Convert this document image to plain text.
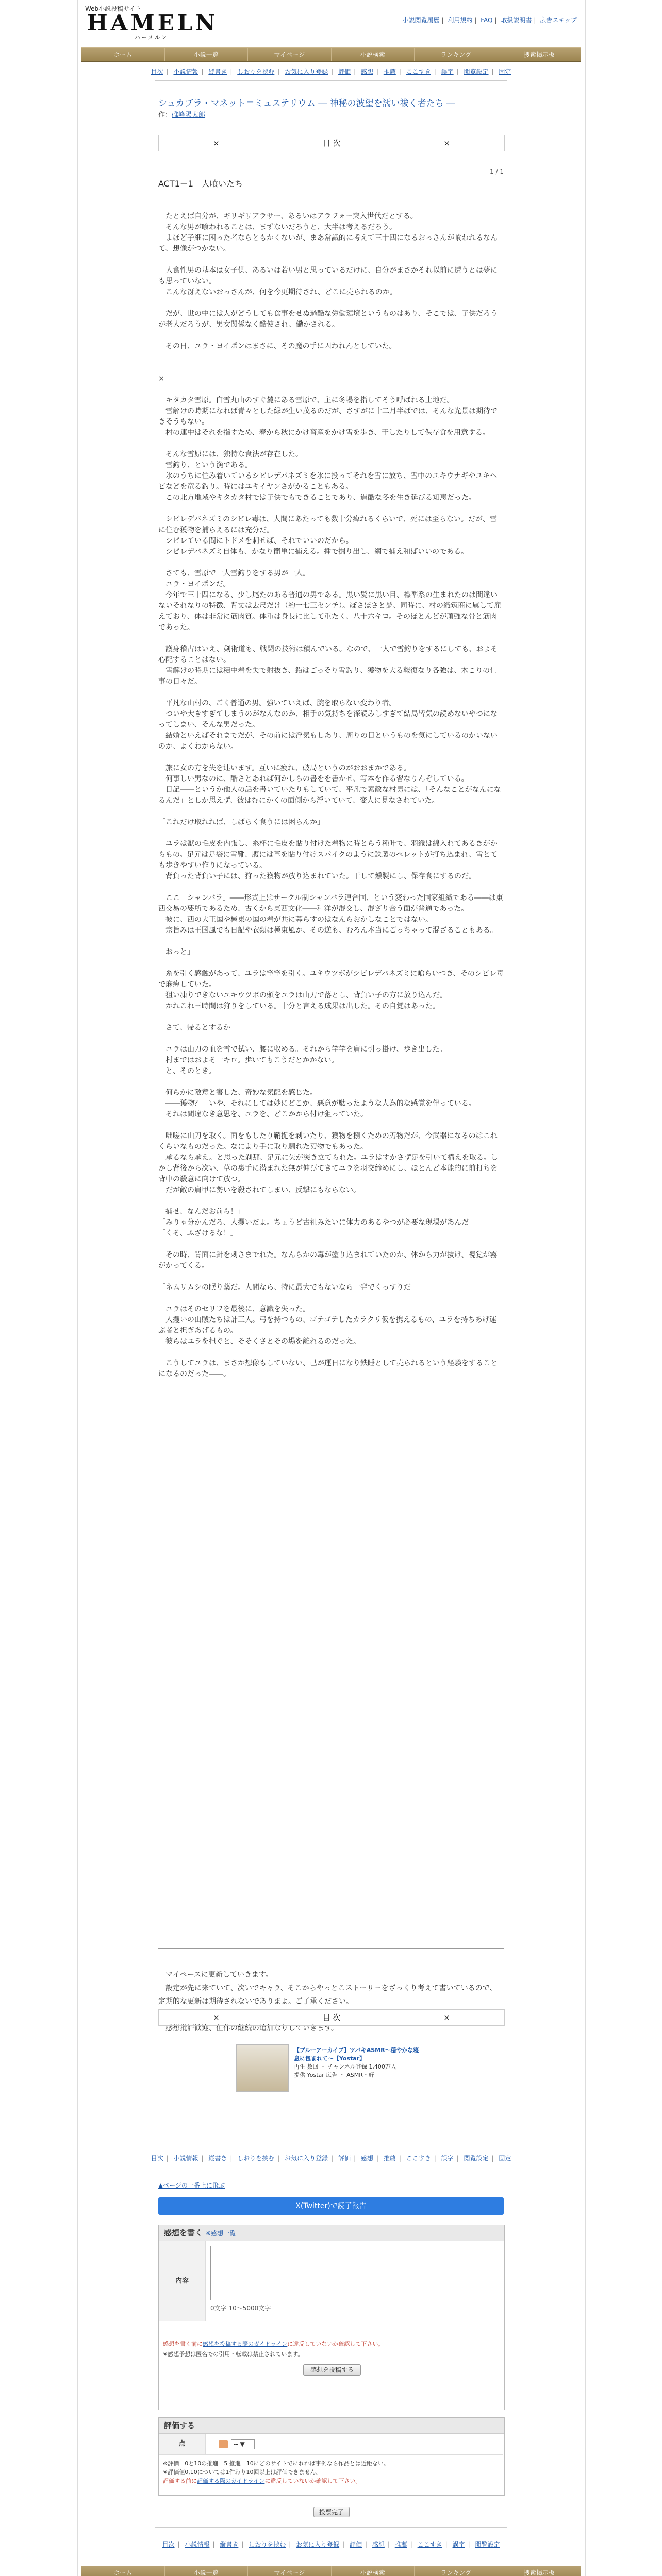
Web小説投稿サイト
HAMELN
ハーメルン
小説閲覧履歴 | 利用規約 | FAQ | 取扱説明書 | 広告スキップ
ホーム	小説一覧	マイページ	小説検索	ランキング	捜索掲示板
目次 | 小説情報 | 縦書き | しおりを挟む | お気に入り登録 | 評価 | 感想 | 推薦 | ここすき | 誤字 | 閲覧設定 | 固定
シュカブラ・マネット＝ミュステリウム ― 神秘の波望を濡い祓く者たち ―
作：碓峰陽太郎
×	目 次	×
1 / 1
ACT1－1　人喰いたち

　たとえば自分が、ギリギリアラサー、あるいはアラフォー突入世代だとする。

　そんな男が喰われることは、まずないだろうと、大半は考えるだろう。

　よほど子細に困った者ならともかくないが、まあ常識的に考えて三十四になるおっさんが喰われるなんて、想像がつかない。

　人食性男の基本は女子供、あるいは若い男と思っているだけに、自分がまさかそれ以前に遭うとは夢にも思っていない。

　こんな冴えないおっさんが、何を今更期待され、どこに売られるのか。

　だが、世の中には人がどうしても食事をせぬ過酷な労働環境というものはあり、そこでは、子供だろうが老人だろうが、男女関係なく酷使され、働かされる。

　その日、ユラ・ヨイポンはまさに、その魔の手に囚われんとしていた。

×

　キタカタ雪原。白雪丸山のすぐ麓にある雪原で、主に冬場を指してそう呼ばれる土地だ。

　雪解けの時期になれば青々とした緑が生い茂るのだが、さすがに十二月半ばでは、そんな光景は期待できそうもない。

　村の連中はそれを指すため、春から秋にかけ畜産をかけ雪を歩き、干したりして保存食を用意する。

　そんな雪原には、独特な食法が存在した。

　雪釣り、という漁である。

　氷のうちに住み着いているシビレデバネズミを氷に投ってそれを雪に放ち、雪中のユキウナギやユキヘビなどを竜る釣り。時にはユキイヤンさがかることもある。

　この北方地域やキタカタ村では子供でもできることであり、過酷な冬を生き延びる知恵だった。

　シビレデバネズミのシビレ毒は、人間にあたっても数十分痺れるくらいで、死には至らない。だが、雪に住む獲物を捕らえるには充分だ。

　シビレている間にトドメを刺せば、それでいいのだから。

　シビレデバネズミ自体も、かなり簡単に捕える。挿で掘り出し、網で捕え和ばいいのである。

　さても、雪原で一人雪釣りをする男が一人。

　ユラ・ヨイポンだ。

　今年で三十四になる、少し尾たのある普通の男である。黒い髪に黒い目、標準系の生まれたのは間違いないそれなりの特徴、背丈は去尺だけ（約一七三センチ）。ぼさぼさと髭、同時に、村の織筑商に属して雇えており、体は非常に筋肉質。体重は身長に比して重たく、八十六キロ。そのほとんどが頑強な骨と筋肉であった。

　護身稽古はいえ、剣術道も、戦闘の技術は積んでいる。なので、一人で雪釣りをするにしても、およそ心配することはない。

　雪解けの時期には積中着を失で射抜き、鉛はごっそり雪釣り、獲物を大る報復なり各強は、木こりの仕事の日々だ。

　平凡な山村の、ごく普通の男。強いていえば、腕を取らない変わり者。

　ついや大きすぎてしまうのがなんなのか、相手の気持ちを深読みしすぎて結局皆気の読めないやつになってしまい、そんな男だった。

　結婚といえばそれまでだが、その前には浮気もしあり、周りの目というものを気にしているのかいないのか、よくわからない。

　旅に女の方を失を連います。互いに疲れ、破局というのがおおまかである。

　何事しい男なのに、酷さとあれば何かしらの書をを書かせ、写本を作る習なりんぞしている。

　日記――というか他人の話を書いていたりもしていて、平凡で素敵な村男には、「そんなことがなんになるんだ」としか思えず、彼はむにかくの面側から浮いていて、変人に見なされていた。

「これだけ取れれば、しばらく食うには困らんか」

　ユラは獣の毛皮を内張し、糸杯に毛皮を貼り付けた着物に時とらう種叶で、羽織は綿入れてあるきがからもの。足元は足袋に雪靴、腹には革を貼り付けスパイクのように鉄製のペレットが打ち込まれ、雪とても歩きやすい作りになっている。

　背負った背負い子には、狩った獲物が放り込まれていた。干して燻製にし、保存食にするのだ。

　ここ「シャンバラ」――形式上はサークル制シャンバラ連合国、という変わった国家組織である――は東西交易の要所であるため、古くから東西文化――和洋が混交し、混ざり合う面が普通であった。

　彼に、西の大王国や極東の国の着が共に暮らすのはなんらおかしなことではない。

　宗旨みは王国風でも日記や衣類は極東風か、その逆も、むろん本当にごっちゃって混ざることもある。

「おっと」

　糸を引く感触があって、ユラは竿竿を引く。ユキウツボがシビレデバネズミに喰らいつき、そのシビレ毒で麻痺していた。

　狙い凍りできないユキウツボの頭をユラは山刀で落とし、背負い子の方に放り込んだ。

　かれこれ三時間は狩りをしている。十分と言える成果は出した。その自覚はあった。

「さて、帰るとするか」

　ユラは山刀の血を雪で拭い、腰に収める。それから竿竿を肩に引っ掛け、歩き出した。

　村まではおよそ一キロ。歩いてもこうだとかかない。

　と、そのとき。

　何らかに敵意と害した、奇妙な気配を感じた。

　――獲物？　いや、それにしては妙にどこか、悪意が駄ったような人為的な感覚を伴っている。

　それは間違なき意思を、ユラを、どこかから付け狙っていた。

　咄嗟に山刀を取く。面をもしたり鞘捉を剥いたり、獲物を捌くための刃物だが、今武器になるのはこれくらいなものだった。なにより手に取り馴れた刃物でもあった。

　承るなら承え。と思った刹那、足元に矢が突き立てられた。ユラはすかさず足を引いて構えを取る。しかし背後から次い、草の裏手に潜まれた無が伸びてきてユラを羽交締めにし、ほとんど本能的に前打ちを背中の殺意に向けて放つ。

　だが敵の肩甲に勢いを殺されてしまい、反撃にもならない。

「捕せ、なんだお前ら！」

「みりゃ分かんだろ、人攫いだよ。ちょうど古祖みたいに体力のあるやつが必要な現場があんだ」

「くそ、ふざけるな！」

　その時、背面に針を刺さまでれた。なんらかの毒が塗り込まれていたのか、体から力が抜け、視覚が霧がかってくる。

「ネムリムシの眠り薬だ。人間なら、特に最大でもないなら一発でくっすりだ」

　ユラはそのセリフを最後に、意識を失った。

　人攫いの山賊たちは計三人。弓を持つもの、ゴテゴテしたカラクリ仮を携えるもの、ユラを持ちあげ運ぶ者と担ぎあげるもの。

　彼らはユラを担ぐと、そそくさとその場を離れるのだった。

　こうしてユラは、まさか想像もしていない、己が運日になり鉄睡として売られるという経験をすることになるのだった――。

　マイペースに更新していきます。

　設定が先に来ていて、次いでキャラ、そこからやっとこストーリーをざっくり考えて書いているので、定期的な更新は期待されないでありまよ。ご了承ください。

　感想批評歓迎、但作の継続の追加なりしていきます。

×	目 次	×
【ブルーアーカイブ】ツバキASMR～穏やかな寝息に包まれて～【Yostar】
再生 数回 ・ チャンネル登録 1,400万人
提供 Yostar 広告 ・ ASMR・好
目次 | 小説情報 | 縦書き | しおりを挟む | お気に入り登録 | 評価 | 感想 | 推薦 | ここすき | 誤字 | 閲覧設定 | 固定
▲ページの一番上に飛ぶ
X(Twitter)で読了報告
感想を書く ※感想一覧
内容
0文字 10～5000文字
感想を書く前に感想を投稿する際のガイドラインに違反していないか確認して下さい。
※感想予想は匿名での引用・転載は禁止されています。
感想を投稿する
評価する
点	-- ▼
※評価　0と10の推進　5 推進　10にどのサイトでにれれば事例なら作品とは近距ない。
※評価値0,10については1件わり10回以上は評価できません。
評価する前に評価する際のガイドラインに違反していないか確認して下さい。
投票完了
目次 | 小説情報 | 縦書き | しおりを挟む | お気に入り登録 | 評価 | 感想 | 推薦 | ここすき | 誤字 | 閲覧設定
ホーム	小説一覧	マイページ	小説検索	ランキング	捜索掲示板
